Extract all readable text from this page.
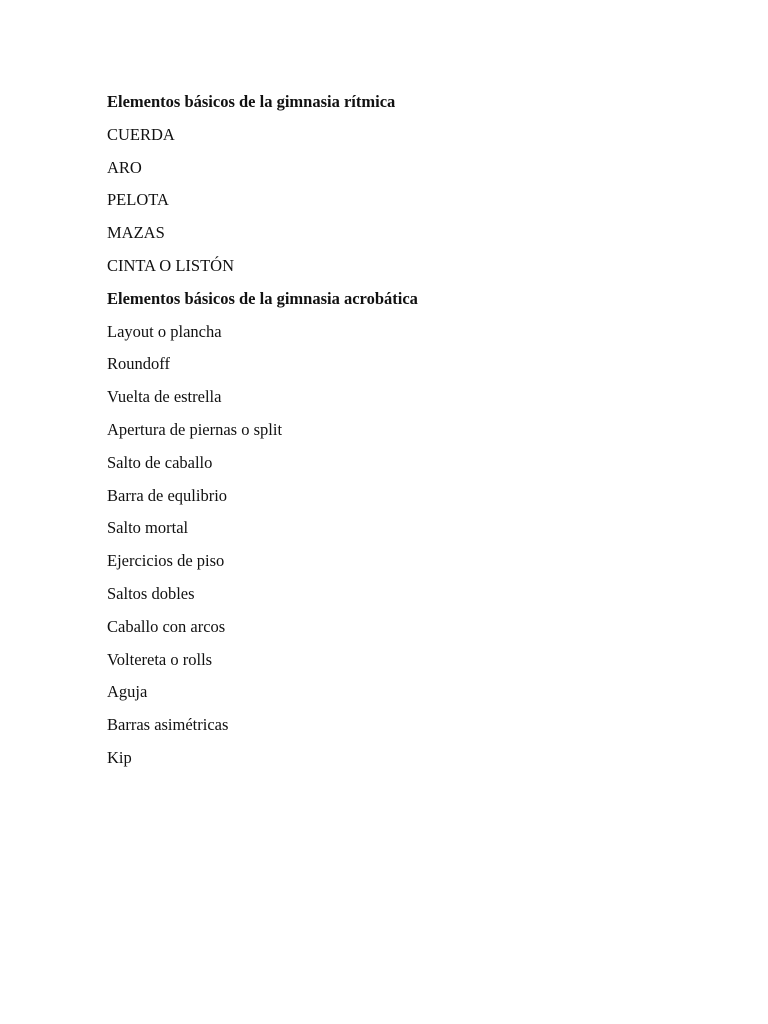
Elementos básicos de la gimnasia rítmica
CUERDA
ARO
PELOTA
MAZAS
CINTA O LISTÓN
Elementos básicos de la gimnasia acrobática
Layout o plancha
Roundoff
Vuelta de estrella
Apertura de piernas o split
Salto de caballo
Barra de equlibrio
Salto mortal
Ejercicios de piso
Saltos dobles
Caballo con arcos
Voltereta o rolls
Aguja
Barras asimétricas
Kip
